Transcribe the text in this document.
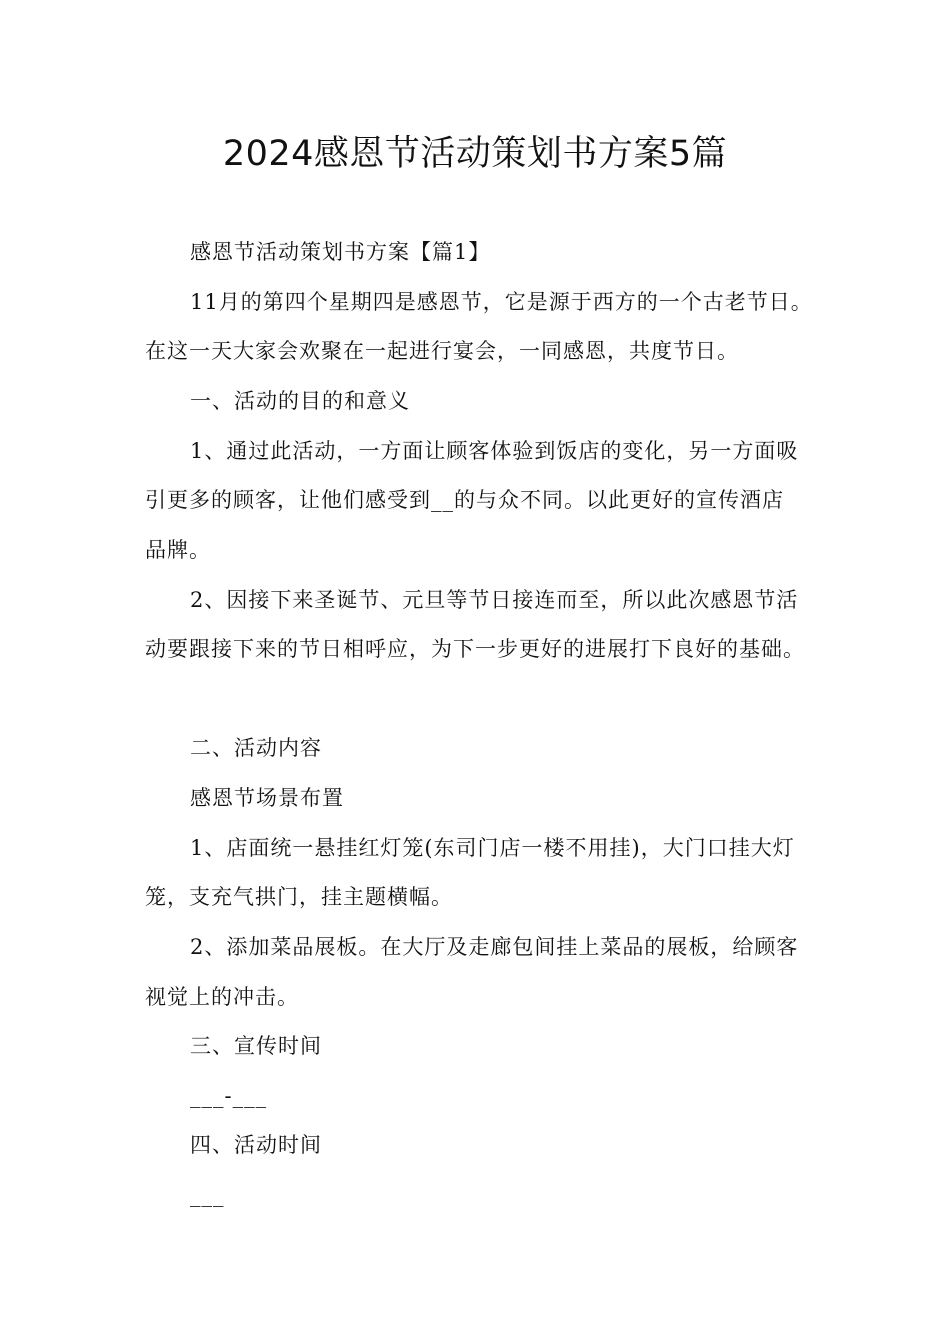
2024感恩节活动策划书方案5篇

感恩节活动策划书方案【篇1】

11月的第四个星期四是感恩节，它是源于西方的一个古老节日。

在这一天大家会欢聚在一起进行宴会，一同感恩，共度节日。

一、活动的目的和意义

1、通过此活动，一方面让顾客体验到饭店的变化，另一方面吸

引更多的顾客，让他们感受到__的与众不同。以此更好的宣传酒店

品牌。

2、因接下来圣诞节、元旦等节日接连而至，所以此次感恩节活

动要跟接下来的节日相呼应，为下一步更好的进展打下良好的基础。

二、活动内容

感恩节场景布置

1、店面统一悬挂红灯笼(东司门店一楼不用挂)，大门口挂大灯

笼，支充气拱门，挂主题横幅。

2、添加菜品展板。在大厅及走廊包间挂上菜品的展板，给顾客

视觉上的冲击。

三、宣传时间

___-___

四、活动时间

___
